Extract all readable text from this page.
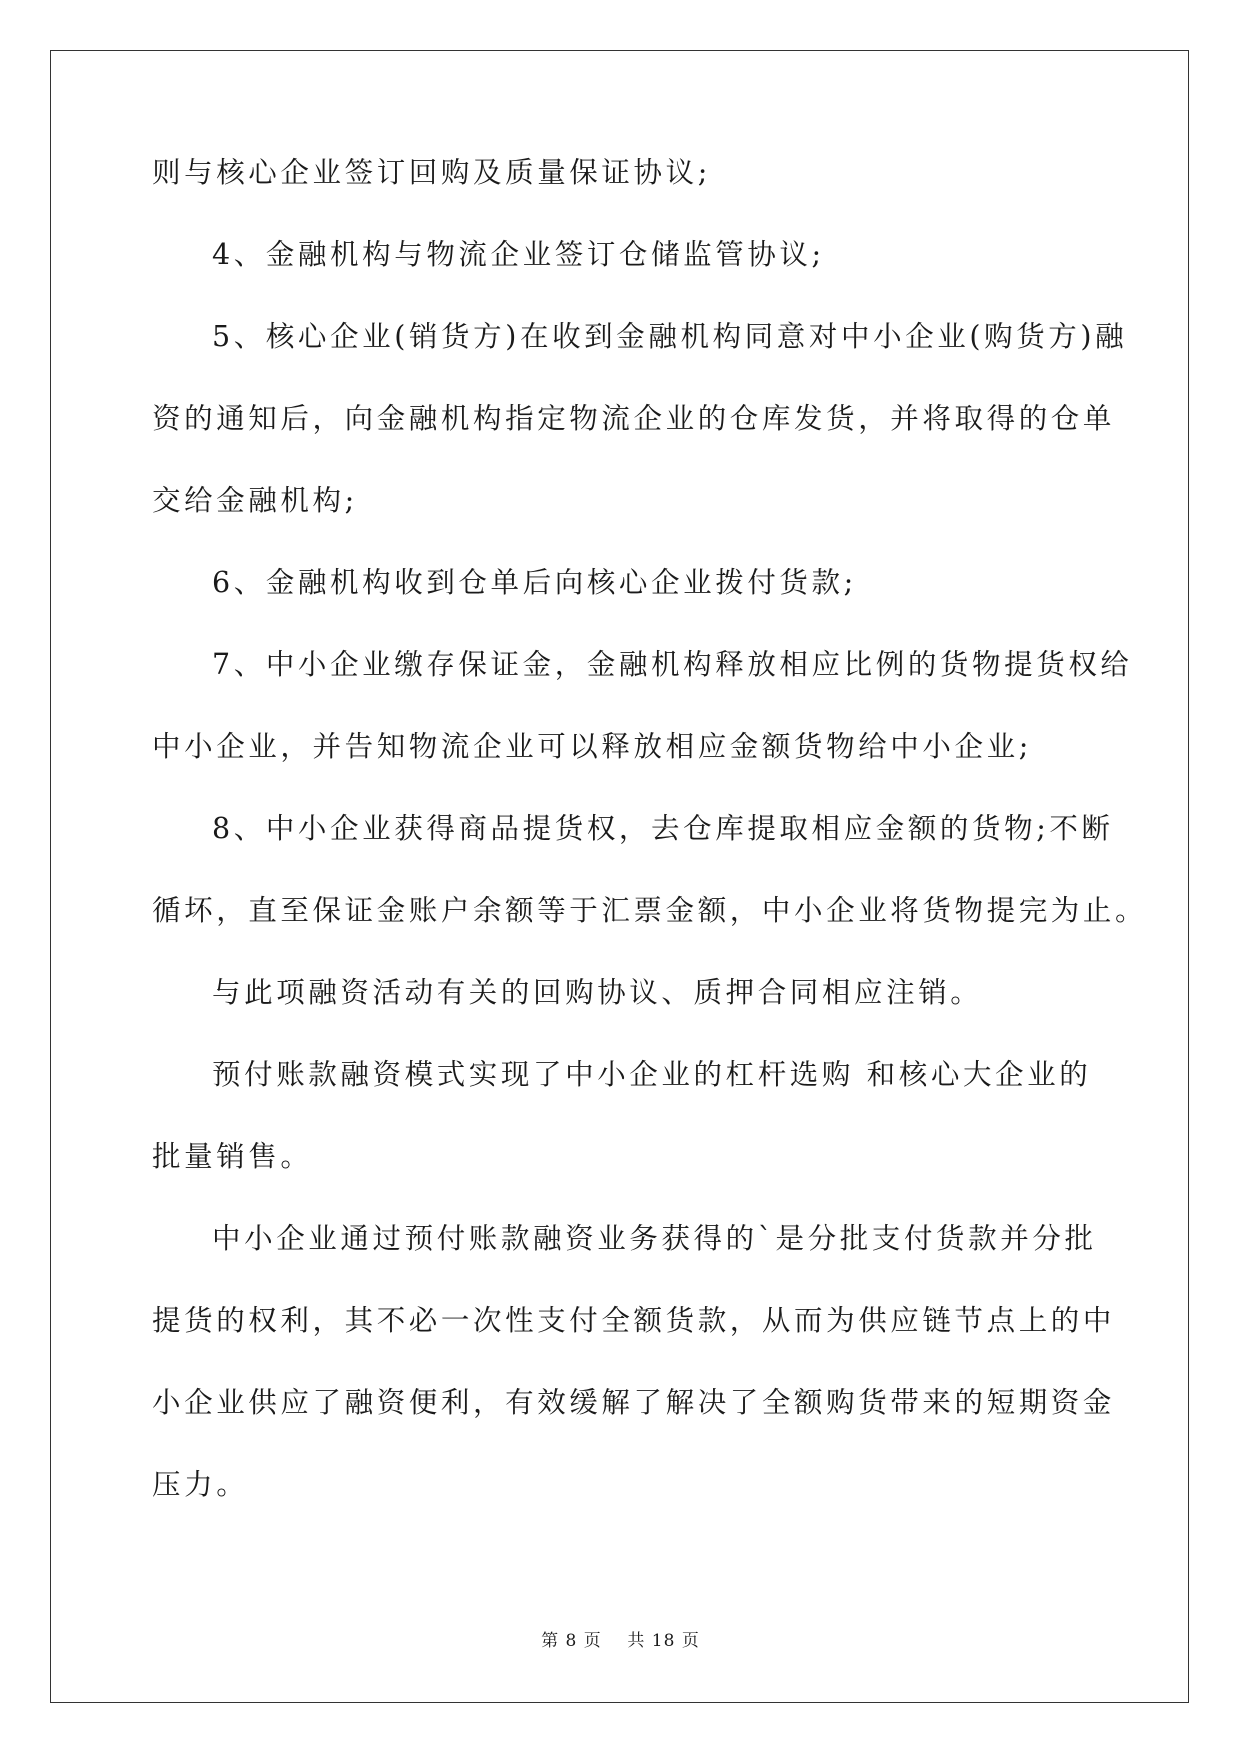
则与核心企业签订回购及质量保证协议;
4、金融机构与物流企业签订仓储监管协议;
5、核心企业(销货方)在收到金融机构同意对中小企业(购货方)融
资的通知后，向金融机构指定物流企业的仓库发货，并将取得的仓单
交给金融机构;
6、金融机构收到仓单后向核心企业拨付货款;
7、中小企业缴存保证金，金融机构释放相应比例的货物提货权给
中小企业，并告知物流企业可以释放相应金额货物给中小企业;
8、中小企业获得商品提货权，去仓库提取相应金额的货物;不断
循坏，直至保证金账户余额等于汇票金额，中小企业将货物提完为止。
与此项融资活动有关的回购协议、质押合同相应注销。
预付账款融资模式实现了中小企业的杠杆选购 和核心大企业的
批量销售。
中小企业通过预付账款融资业务获得的`是分批支付货款并分批
提货的权利，其不必一次性支付全额货款，从而为供应链节点上的中
小企业供应了融资便利，有效缓解了解决了全额购货带来的短期资金
压力。
第 8 页    共 18 页
